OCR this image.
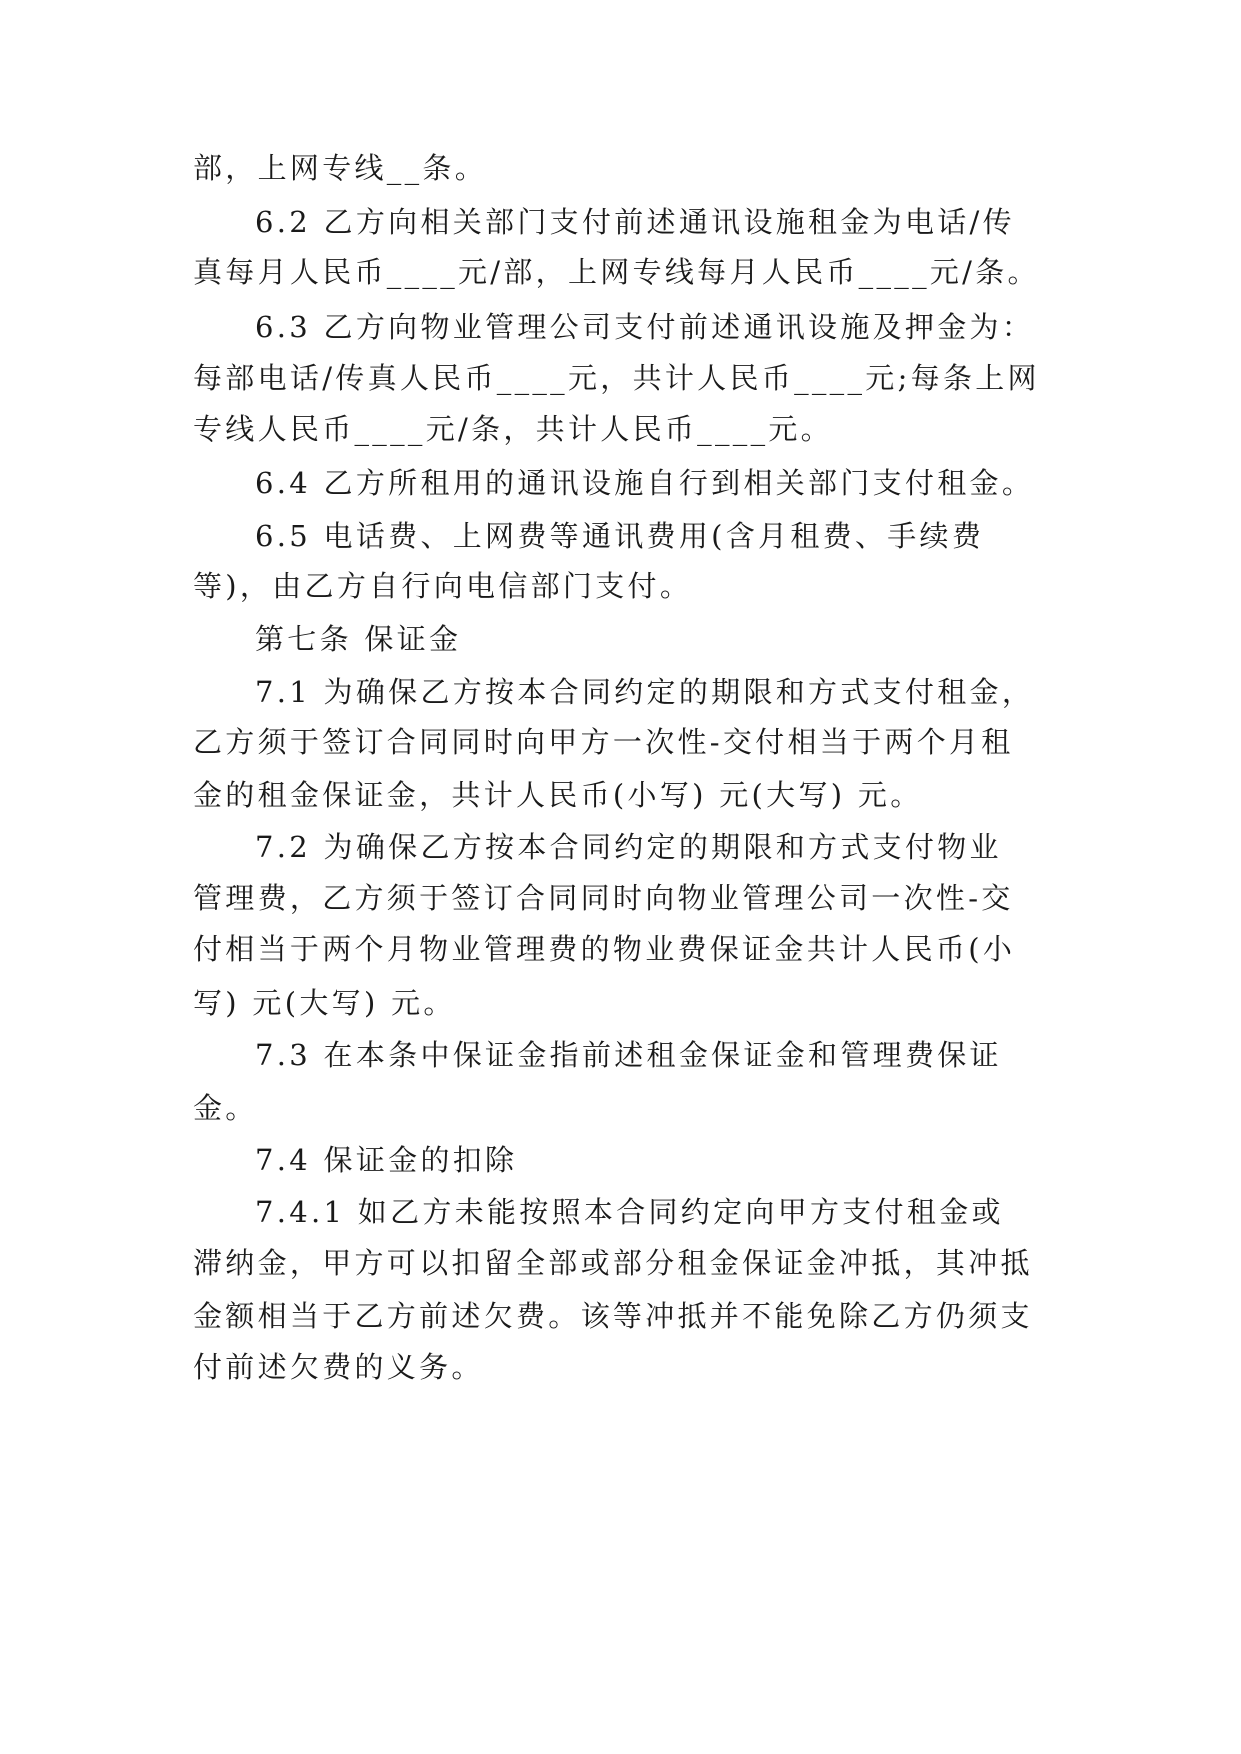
部，上网专线__条。
6.2 乙方向相关部门支付前述通讯设施租金为电话/传
真每月人民币____元/部，上网专线每月人民币____元/条。
6.3 乙方向物业管理公司支付前述通讯设施及押金为：
每部电话/传真人民币____元，共计人民币____元;每条上网
专线人民币____元/条，共计人民币____元。
6.4 乙方所租用的通讯设施自行到相关部门支付租金。
6.5 电话费、上网费等通讯费用(含月租费、手续费
等)，由乙方自行向电信部门支付。
第七条 保证金
7.1 为确保乙方按本合同约定的期限和方式支付租金，
乙方须于签订合同同时向甲方一次性-交付相当于两个月租
金的租金保证金，共计人民币(小写) 元(大写) 元。
7.2 为确保乙方按本合同约定的期限和方式支付物业
管理费，乙方须于签订合同同时向物业管理公司一次性-交
付相当于两个月物业管理费的物业费保证金共计人民币(小
写) 元(大写) 元。
7.3 在本条中保证金指前述租金保证金和管理费保证
金。
7.4 保证金的扣除
7.4.1 如乙方未能按照本合同约定向甲方支付租金或
滞纳金，甲方可以扣留全部或部分租金保证金冲抵，其冲抵
金额相当于乙方前述欠费。该等冲抵并不能免除乙方仍须支
付前述欠费的义务。
